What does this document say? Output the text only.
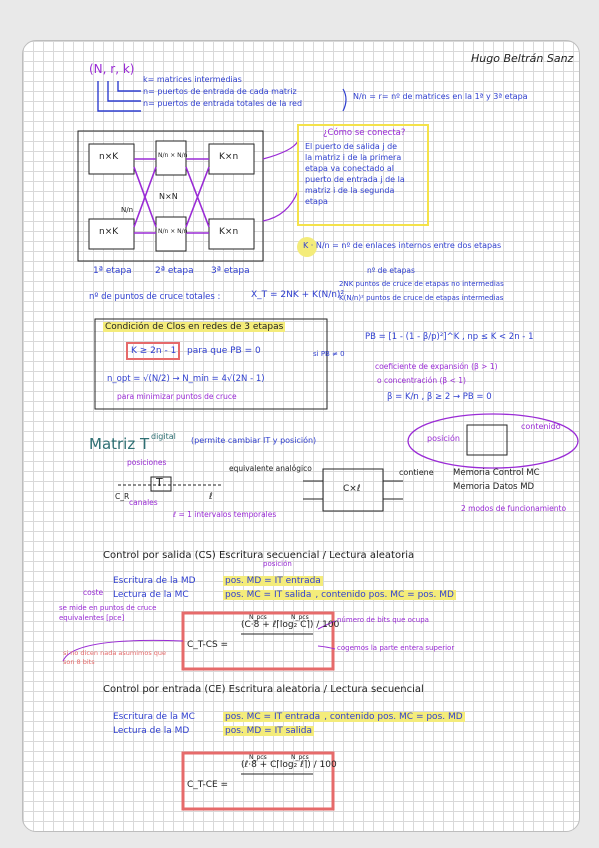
Hugo Beltrán Sanz
(N, r, k)
k= matrices intermedias
n= puertos de entrada de cada matriz
n= puertos de entrada totales de la red
N/n = r= nº de matrices en la 1ª y 3ª etapa
n×K
n×K
N/n × N/n
N/n × N/n
N×N
K×n
K×n
N/n
1ª etapa	2ª etapa 3ª etapa
¿Cómo se conecta?
El puerto de salida j de
la matriz i de la primera
etapa va conectado al
puerto de entrada j de la
matriz i de la segunda
etapa
K · N/n = nº de enlaces internos entre dos etapas
nº de etapas
nº de puntos de cruce totales :	X_T = 2NK + K(N/n)²
2NK puntos de cruce de etapas no intermedias
K(N/n)² puntos de cruce de etapas intermedias
Condición de Clos en redes de 3 etapas
K ≥ 2n - 1 para que PB = 0
n_opt = √(N/2) → N_min = 4√(2N - 1)
para minimizar puntos de cruce
si PB ≠ 0
PB = [1 - (1 - β/p)²]^K , np ≤ K < 2n - 1
coeficiente de expansión (β > 1)
o concentración (β < 1)
β = K/n , β ≥ 2 → PB = 0
Matriz T digital (permite cambiar IT y posición)
posiciones
T
canales
C_R	ℓ
ℓ = 1 intervalos temporales
equivalente analógico
C×ℓ
contiene Memoria Control MC
Memoria Datos MD
2 modos de funcionamiento
posición
contenido
Control por salida (CS) Escritura secuencial / Lectura aleatoria
posición
Escritura de la MD	pos. MD = IT entrada
Lectura de la MC	pos. MC = IT salida , contenido pos. MC = pos. MD
coste
se mide en puntos de cruce equivalentes [pce]
si no dicen nada asumimos que son 8 bits
C_T-CS =
(C·8 + ℓ⌈log₂ C⌉) / 100
N_pcs	N_pcs	número de bits que ocupa
cogemos la parte entera superior
Control por entrada (CE) Escritura aleatoria / Lectura secuencial
Escritura de la MC	pos. MC = IT entrada , contenido pos. MC = pos. MD
Lectura de la MD	pos. MD = IT salida
C_T-CE =
(ℓ·8 + C⌈log₂ ℓ⌉) / 100
N_pcs	N_pcs
